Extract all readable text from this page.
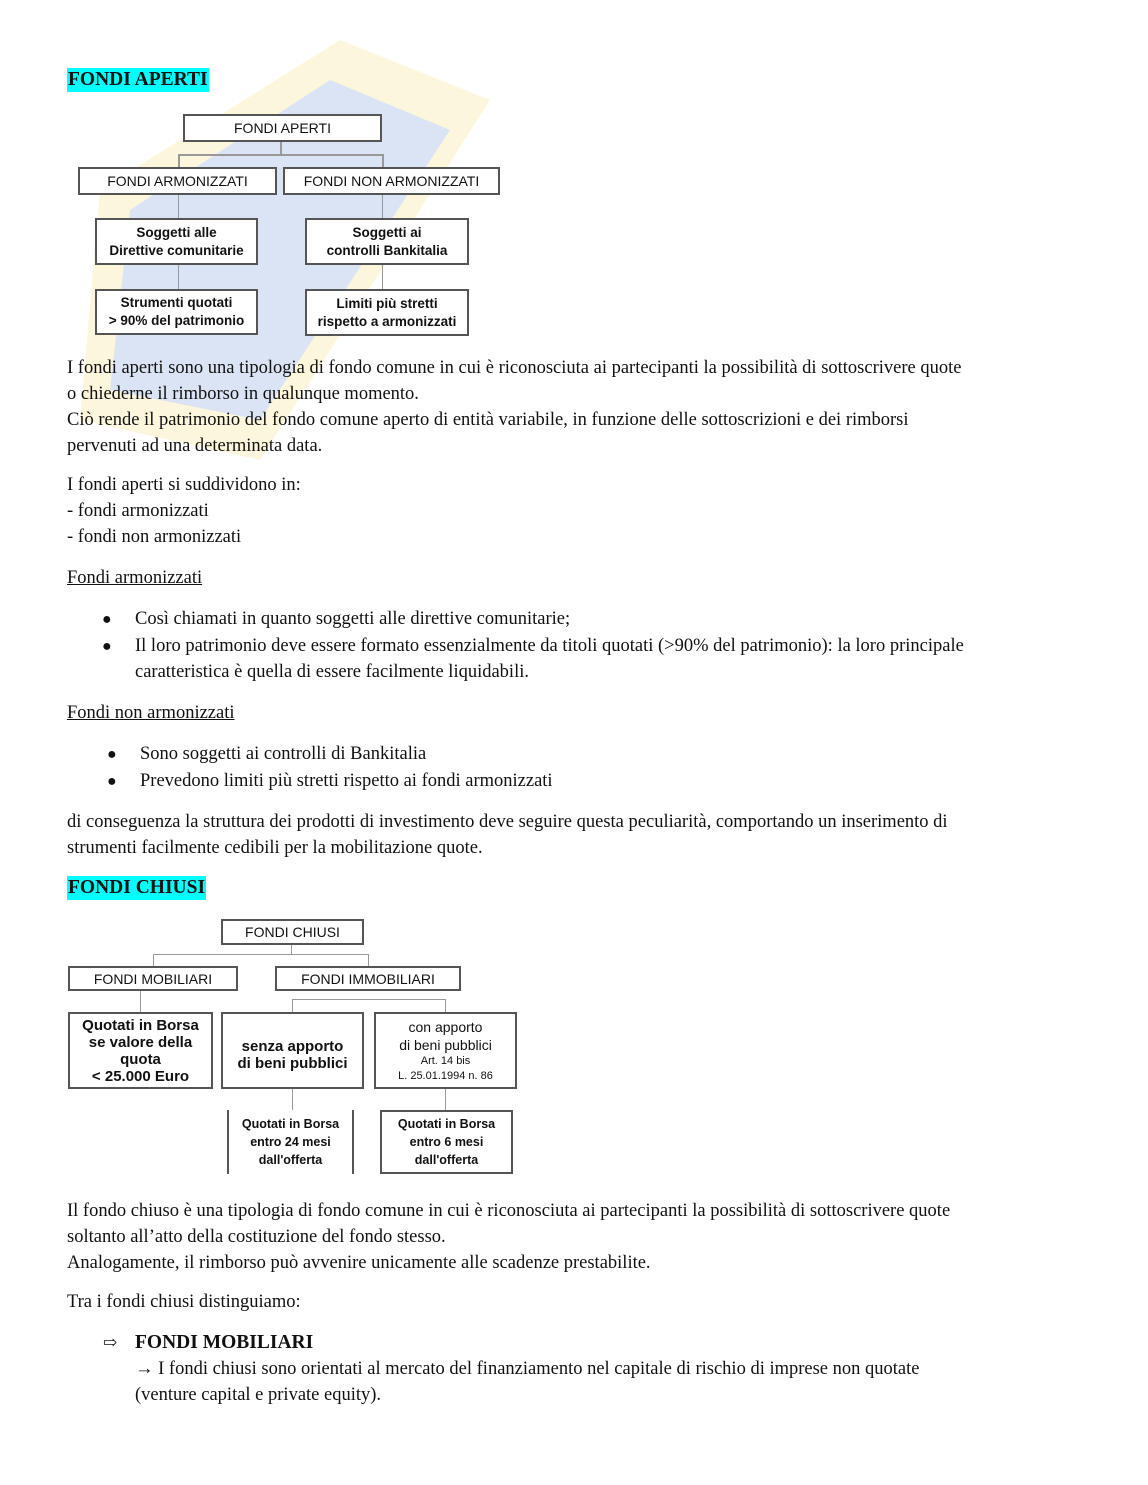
FONDI APERTI
FONDI APERTI
FONDI ARMONIZZATI	FONDI NON ARMONIZZATI
Soggetti alle
Direttive comunitarie
Soggetti ai
controlli Bankitalia
Strumenti quotati
> 90% del patrimonio
Limiti più stretti
rispetto a armonizzati
I fondi aperti sono una tipologia di fondo comune in cui è riconosciuta ai partecipanti la possibilità di sottoscrivere quote
o chiederne il rimborso in qualunque momento.
Ciò rende il patrimonio del fondo comune aperto di entità variabile, in funzione delle sottoscrizioni e dei rimborsi
pervenuti ad una determinata data.
I fondi aperti si suddividono in:
- fondi armonizzati
- fondi non armonizzati
Fondi armonizzati
● Così chiamati in quanto soggetti alle direttive comunitarie;
● Il loro patrimonio deve essere formato essenzialmente da titoli quotati (>90% del patrimonio): la loro principale
caratteristica è quella di essere facilmente liquidabili.
Fondi non armonizzati
● Sono soggetti ai controlli di Bankitalia
● Prevedono limiti più stretti rispetto ai fondi armonizzati
di conseguenza la struttura dei prodotti di investimento deve seguire questa peculiarità, comportando un inserimento di
strumenti facilmente cedibili per la mobilitazione quote.
FONDI CHIUSI
FONDI CHIUSI
FONDI MOBILIARI	FONDI IMMOBILIARI
Quotati in Borsa
se valore della
quota
< 25.000 Euro
senza apporto
di beni pubblici
con apporto
di beni pubblici
Art. 14 bis
L. 25.01.1994 n. 86
Quotati in Borsa
entro 24 mesi
dall'offerta
Quotati in Borsa
entro 6 mesi
dall'offerta
Il fondo chiuso è una tipologia di fondo comune in cui è riconosciuta ai partecipanti la possibilità di sottoscrivere quote
soltanto all’atto della costituzione del fondo stesso.
Analogamente, il rimborso può avvenire unicamente alle scadenze prestabilite.
Tra i fondi chiusi distinguiamo:
⇨ FONDI MOBILIARI
→ I fondi chiusi sono orientati al mercato del finanziamento nel capitale di rischio di imprese non quotate
(venture capital e private equity).
